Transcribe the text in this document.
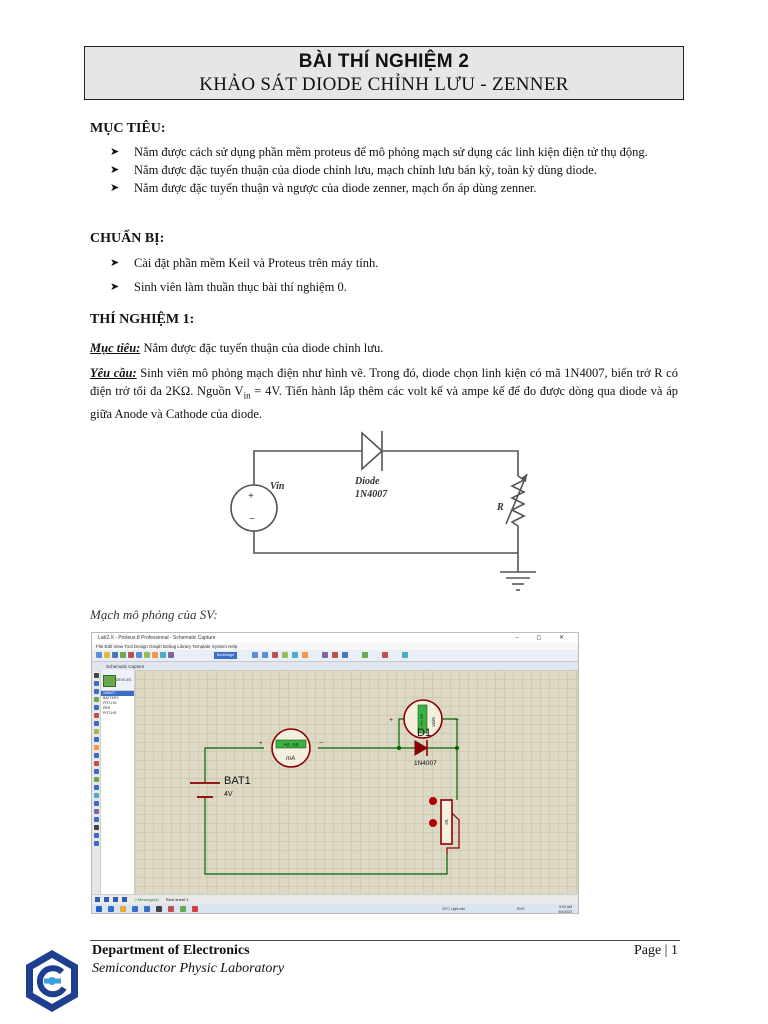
BÀI THÍ NGHIỆM 2
KHẢO SÁT DIODE CHỈNH LƯU - ZENNER
MỤC TIÊU:
➤ Nắm được cách sử dụng phần mềm proteus để mô phỏng mạch sử dụng các linh kiện điện tử thụ động.
➤ Nắm được đặc tuyến thuận của diode chỉnh lưu, mạch chỉnh lưu bán kỳ, toàn kỳ dùng diode.
➤ Nắm được đặc tuyến thuận và ngược của diode zenner, mạch ổn áp dùng zenner.
CHUẨN BỊ:
➤ Cài đặt phần mềm Keil và Proteus trên máy tính.
➤ Sinh viên làm thuần thục bài thí nghiệm 0.
THÍ NGHIỆM 1:
Mục tiêu: Nắm được đặc tuyến thuận của diode chỉnh lưu.
Yêu cầu: Sinh viên mô phỏng mạch điện như hình vẽ. Trong đó, diode chọn linh kiện có mã 1N4007, biến trở R có điện trở tối đa 2KΩ. Nguồn $V_{in} = 4V$. Tiến hành lắp thêm các volt kế và ampe kế để đo được dòng qua diode và áp giữa Anode và Cathode của diode.
+
−
Vin	Diode
1N4007
R
Mạch mô phỏng của SV:
Lab2.X - Proteus 8 Professional - Schematic Capture	– ◻ ✕
File Edit View Tool Design Graph Debug Library Template System Help
BoxDesign
Schematic Capture
DEVICES
1N4007
BATTERY
POT-HG
RES
POT-HG
BAT1
4V
+0.00
mA
+	−
Volts
+0.00
+	−
D1
1N4007
2K
0 Message(s) Root sheet 1
29°C Light rain	ENG	9:03 AM
9/4/2023
Department of Electronics
Semiconductor Physic Laboratory
Page | 1
